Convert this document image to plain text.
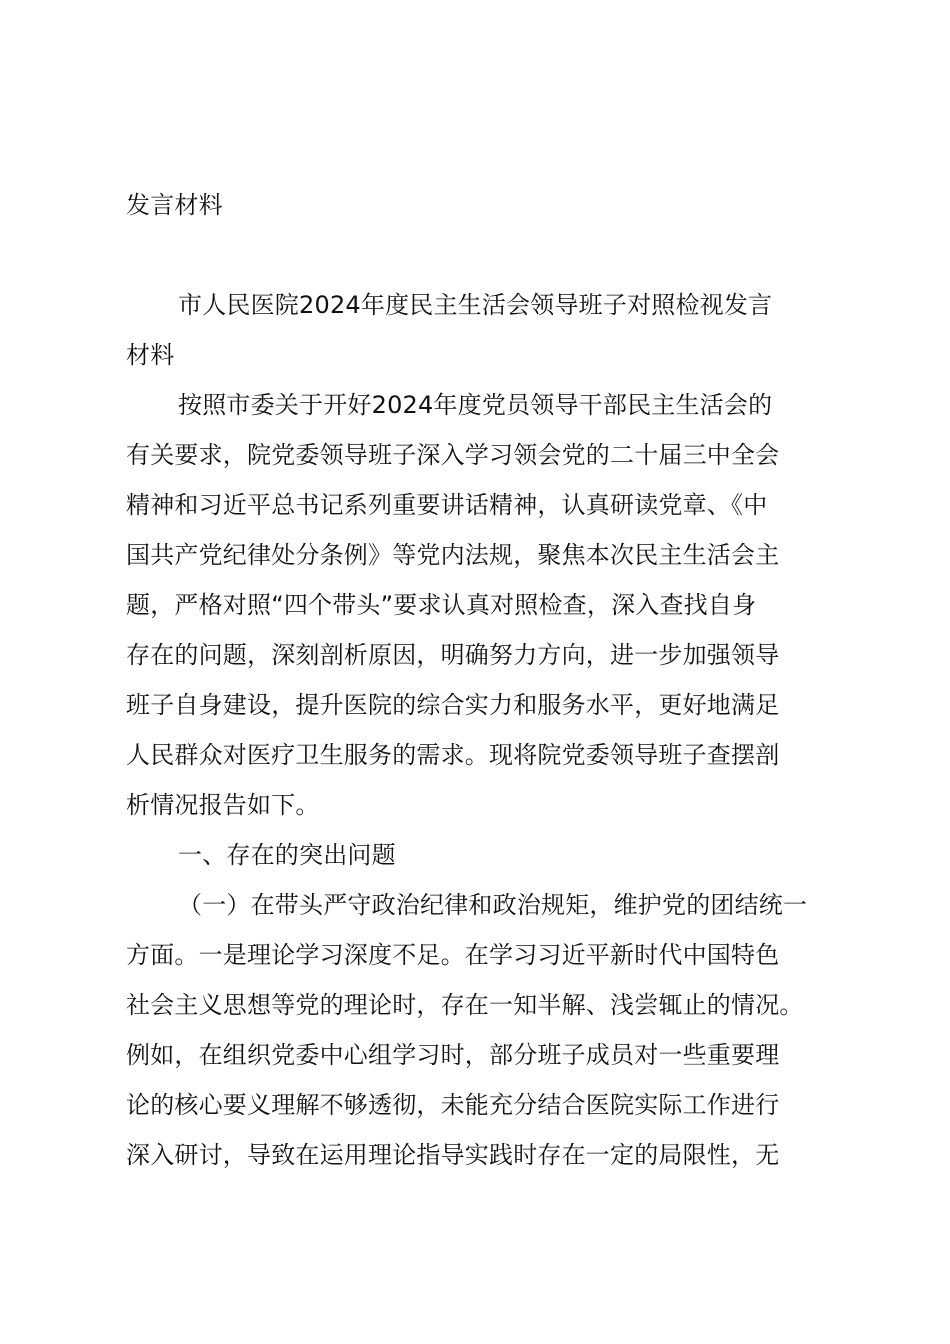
发言材料
市人民医院2024年度民主生活会领导班子对照检视发言
材料
按照市委关于开好2024年度党员领导干部民主生活会的
有关要求，院党委领导班子深入学习领会党的二十届三中全会
精神和习近平总书记系列重要讲话精神，认真研读党章、《中
国共产党纪律处分条例》等党内法规，聚焦本次民主生活会主
题，严格对照“四个带头”要求认真对照检查，深入查找自身
存在的问题，深刻剖析原因，明确努力方向，进一步加强领导
班子自身建设，提升医院的综合实力和服务水平，更好地满足
人民群众对医疗卫生服务的需求。现将院党委领导班子查摆剖
析情况报告如下。
一、存在的突出问题
（一）在带头严守政治纪律和政治规矩，维护党的团结统一
方面。一是理论学习深度不足。在学习习近平新时代中国特色
社会主义思想等党的理论时，存在一知半解、浅尝辄止的情况。
例如，在组织党委中心组学习时，部分班子成员对一些重要理
论的核心要义理解不够透彻，未能充分结合医院实际工作进行
深入研讨，导致在运用理论指导实践时存在一定的局限性，无
